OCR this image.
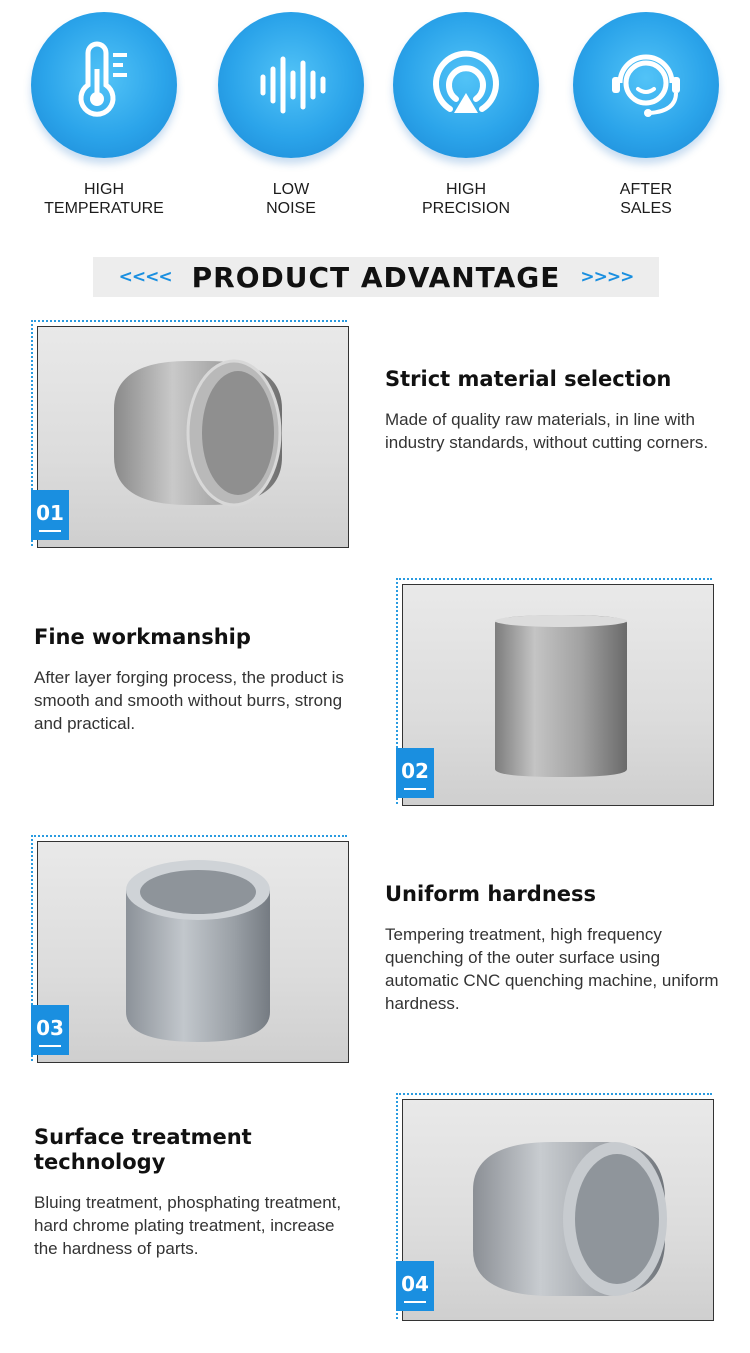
HIGH
TEMPERATURE
LOW
NOISE
HIGH
PRECISION
AFTER
SALES
<<<< PRODUCT ADVANTAGE >>>>
01
Strict material selection
Made of quality raw materials, in line with industry standards, without cutting corners.
Fine workmanship
After layer forging process, the product is smooth and smooth without burrs, strong and practical.
02
03
Uniform hardness
Tempering treatment, high frequency quenching of the outer surface using automatic CNC quenching machine, uniform hardness.
Surface treatment technology
Bluing treatment, phosphating treatment, hard chrome plating treatment, increase the hardness of parts.
04
